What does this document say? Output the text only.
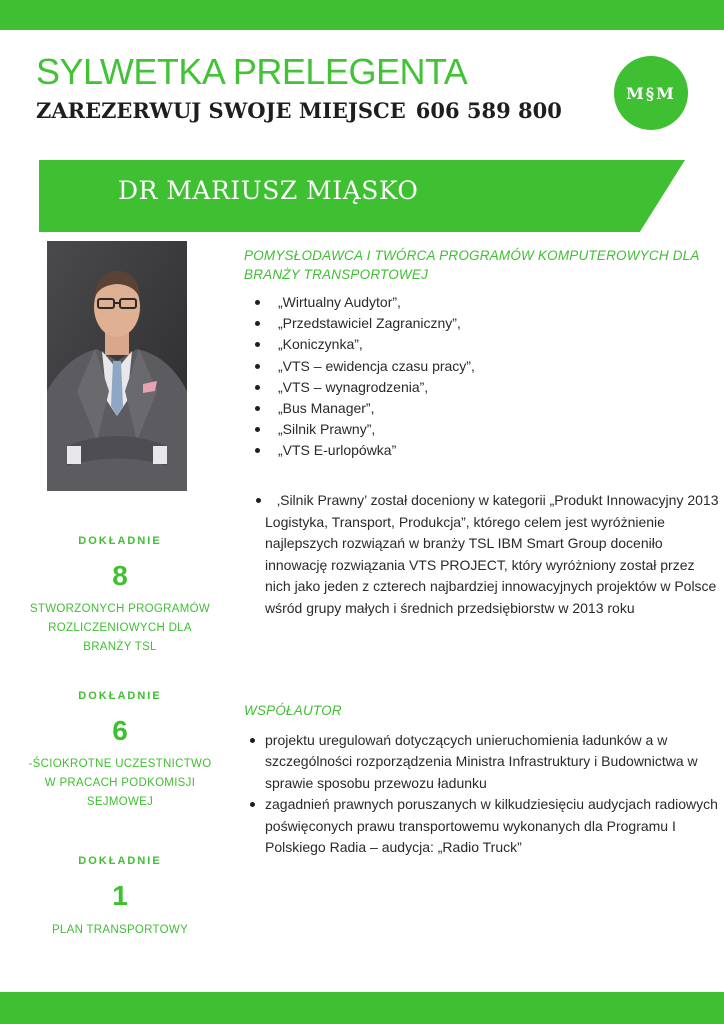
SYLWETKA PRELEGENTA
ZAREZERWUJ SWOJE MIEJSCE 606 589 800
M§M
DR MARIUSZ MIĄSKO
DOKŁADNIE
8
STWORZONYCH PROGRAMÓW ROZLICZENIOWYCH DLA BRANŻY TSL
DOKŁADNIE
6
-ŚCIOKROTNE UCZESTNICTWO W PRACACH PODKOMISJI SEJMOWEJ
DOKŁADNIE
1
PLAN TRANSPORTOWY
POMYSŁODAWCA I TWÓRCA PROGRAMÓW KOMPUTEROWYCH DLA BRANŻY TRANSPORTOWEJ
„Wirtualny Audytor”,
„Przedstawiciel Zagraniczny”,
„Koniczynka”,
„VTS – ewidencja czasu pracy”,
„VTS – wynagrodzenia”,
„Bus Manager”,
„Silnik Prawny”,
„VTS E-urlopówka”

‚Silnik Prawny’ został doceniony w kategorii „Produkt Innowacyjny 2013 Logistyka, Transport, Produkcja”, którego celem jest wyróżnienie najlepszych rozwiązań w branży TSL IBM Smart Group doceniło innowację rozwiązania VTS PROJECT, który wyróżniony został przez nich jako jeden z czterech najbardziej innowacyjnych projektów w Polsce wśród grupy małych i średnich przedsiębiorstw w 2013 roku

WSPÓŁAUTOR
projektu uregulowań dotyczących unieruchomienia ładunków a w szczególności rozporządzenia Ministra Infrastruktury i Budownictwa w sprawie sposobu przewozu ładunku
zagadnień prawnych poruszanych w kilkudziesięciu audycjach radiowych poświęconych prawu transportowemu wykonanych dla Programu I Polskiego Radia – audycja: „Radio Truck”
